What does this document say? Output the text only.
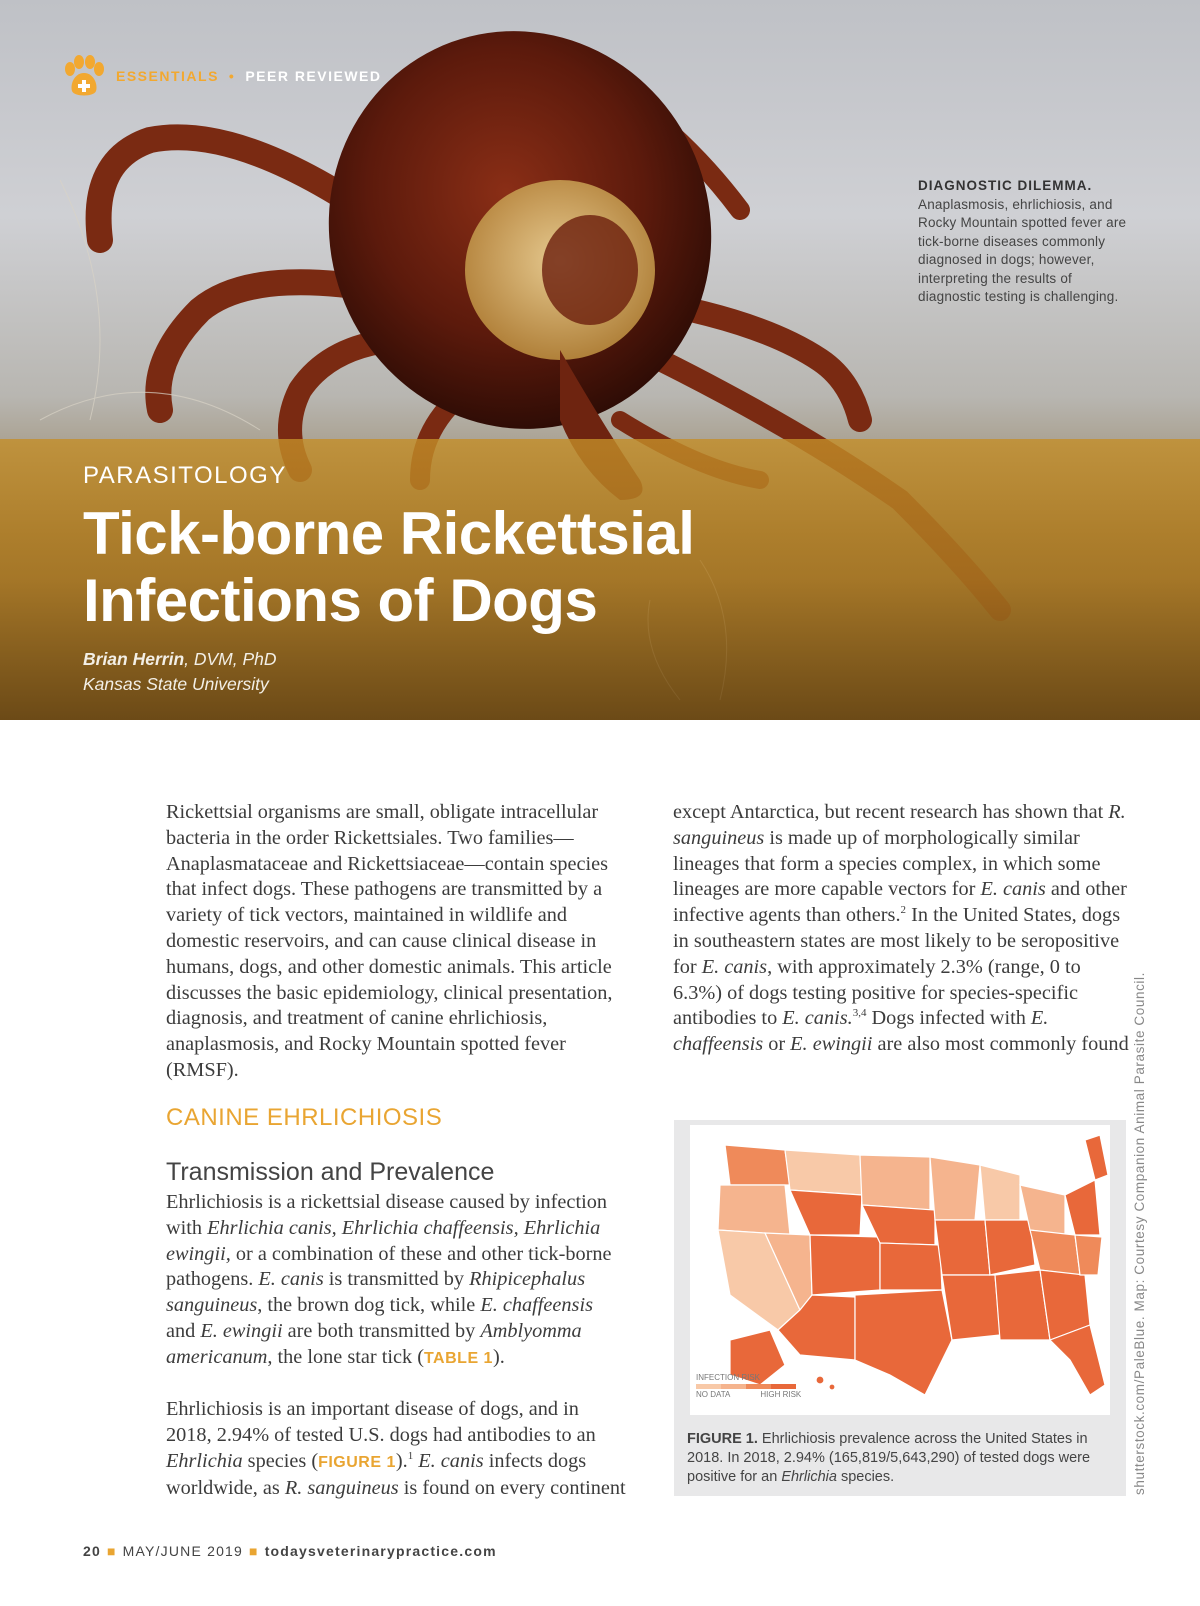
ESSENTIALS • PEER REVIEWED
DIAGNOSTIC DILEMMA.
Anaplasmosis, ehrlichiosis, and Rocky Mountain spotted fever are tick-borne diseases commonly diagnosed in dogs; however, interpreting the results of diagnostic testing is challenging.
PARASITOLOGY
Tick-borne Rickettsial
Infections of Dogs
Brian Herrin, DVM, PhD
Kansas State University

Rickettsial organisms are small, obligate intracellular bacteria in the order Rickettsiales. Two families—Anaplasmataceae and Rickettsiaceae—contain species that infect dogs. These pathogens are transmitted by a variety of tick vectors, maintained in wildlife and domestic reservoirs, and can cause clinical disease in humans, dogs, and other domestic animals. This article discusses the basic epidemiology, clinical presentation, diagnosis, and treatment of canine ehrlichiosis, anaplasmosis, and Rocky Mountain spotted fever (RMSF).

CANINE EHRLICHIOSIS
Transmission and Prevalence

Ehrlichiosis is a rickettsial disease caused by infection with Ehrlichia canis, Ehrlichia chaffeensis, Ehrlichia ewingii, or a combination of these and other tick-borne pathogens. E. canis is transmitted by Rhipicephalus sanguineus, the brown dog tick, while E. chaffeensis and E. ewingii are both transmitted by Amblyomma americanum, the lone star tick (TABLE 1).

Ehrlichiosis is an important disease of dogs, and in 2018, 2.94% of tested U.S. dogs had antibodies to an Ehrlichia species (FIGURE 1).$^1$ E. canis infects dogs worldwide, as R. sanguineus is found on every continent

except Antarctica, but recent research has shown that R. sanguineus is made up of morphologically similar lineages that form a species complex, in which some lineages are more capable vectors for E. canis and other infective agents than others.$^2$ In the United States, dogs in southeastern states are most likely to be seropositive for E. canis, with approximately 2.3% (range, 0 to 6.3%) of dogs testing positive for species-specific antibodies to E. canis.$^{3,4}$ Dogs infected with E. chaffeensis or E. ewingii are also most commonly found

INFECTION RISK
NO DATA	HIGH RISK
FIGURE 1. Ehrlichiosis prevalence across the United States in 2018. In 2018, 2.94% (165,819/5,643,290) of tested dogs were positive for an Ehrlichia species.	shutterstock.com/PaleBlue. Map: Courtesy Companion Animal Parasite Council.
20 ■ MAY/JUNE 2019 ■ todaysveterinarypractice.com
